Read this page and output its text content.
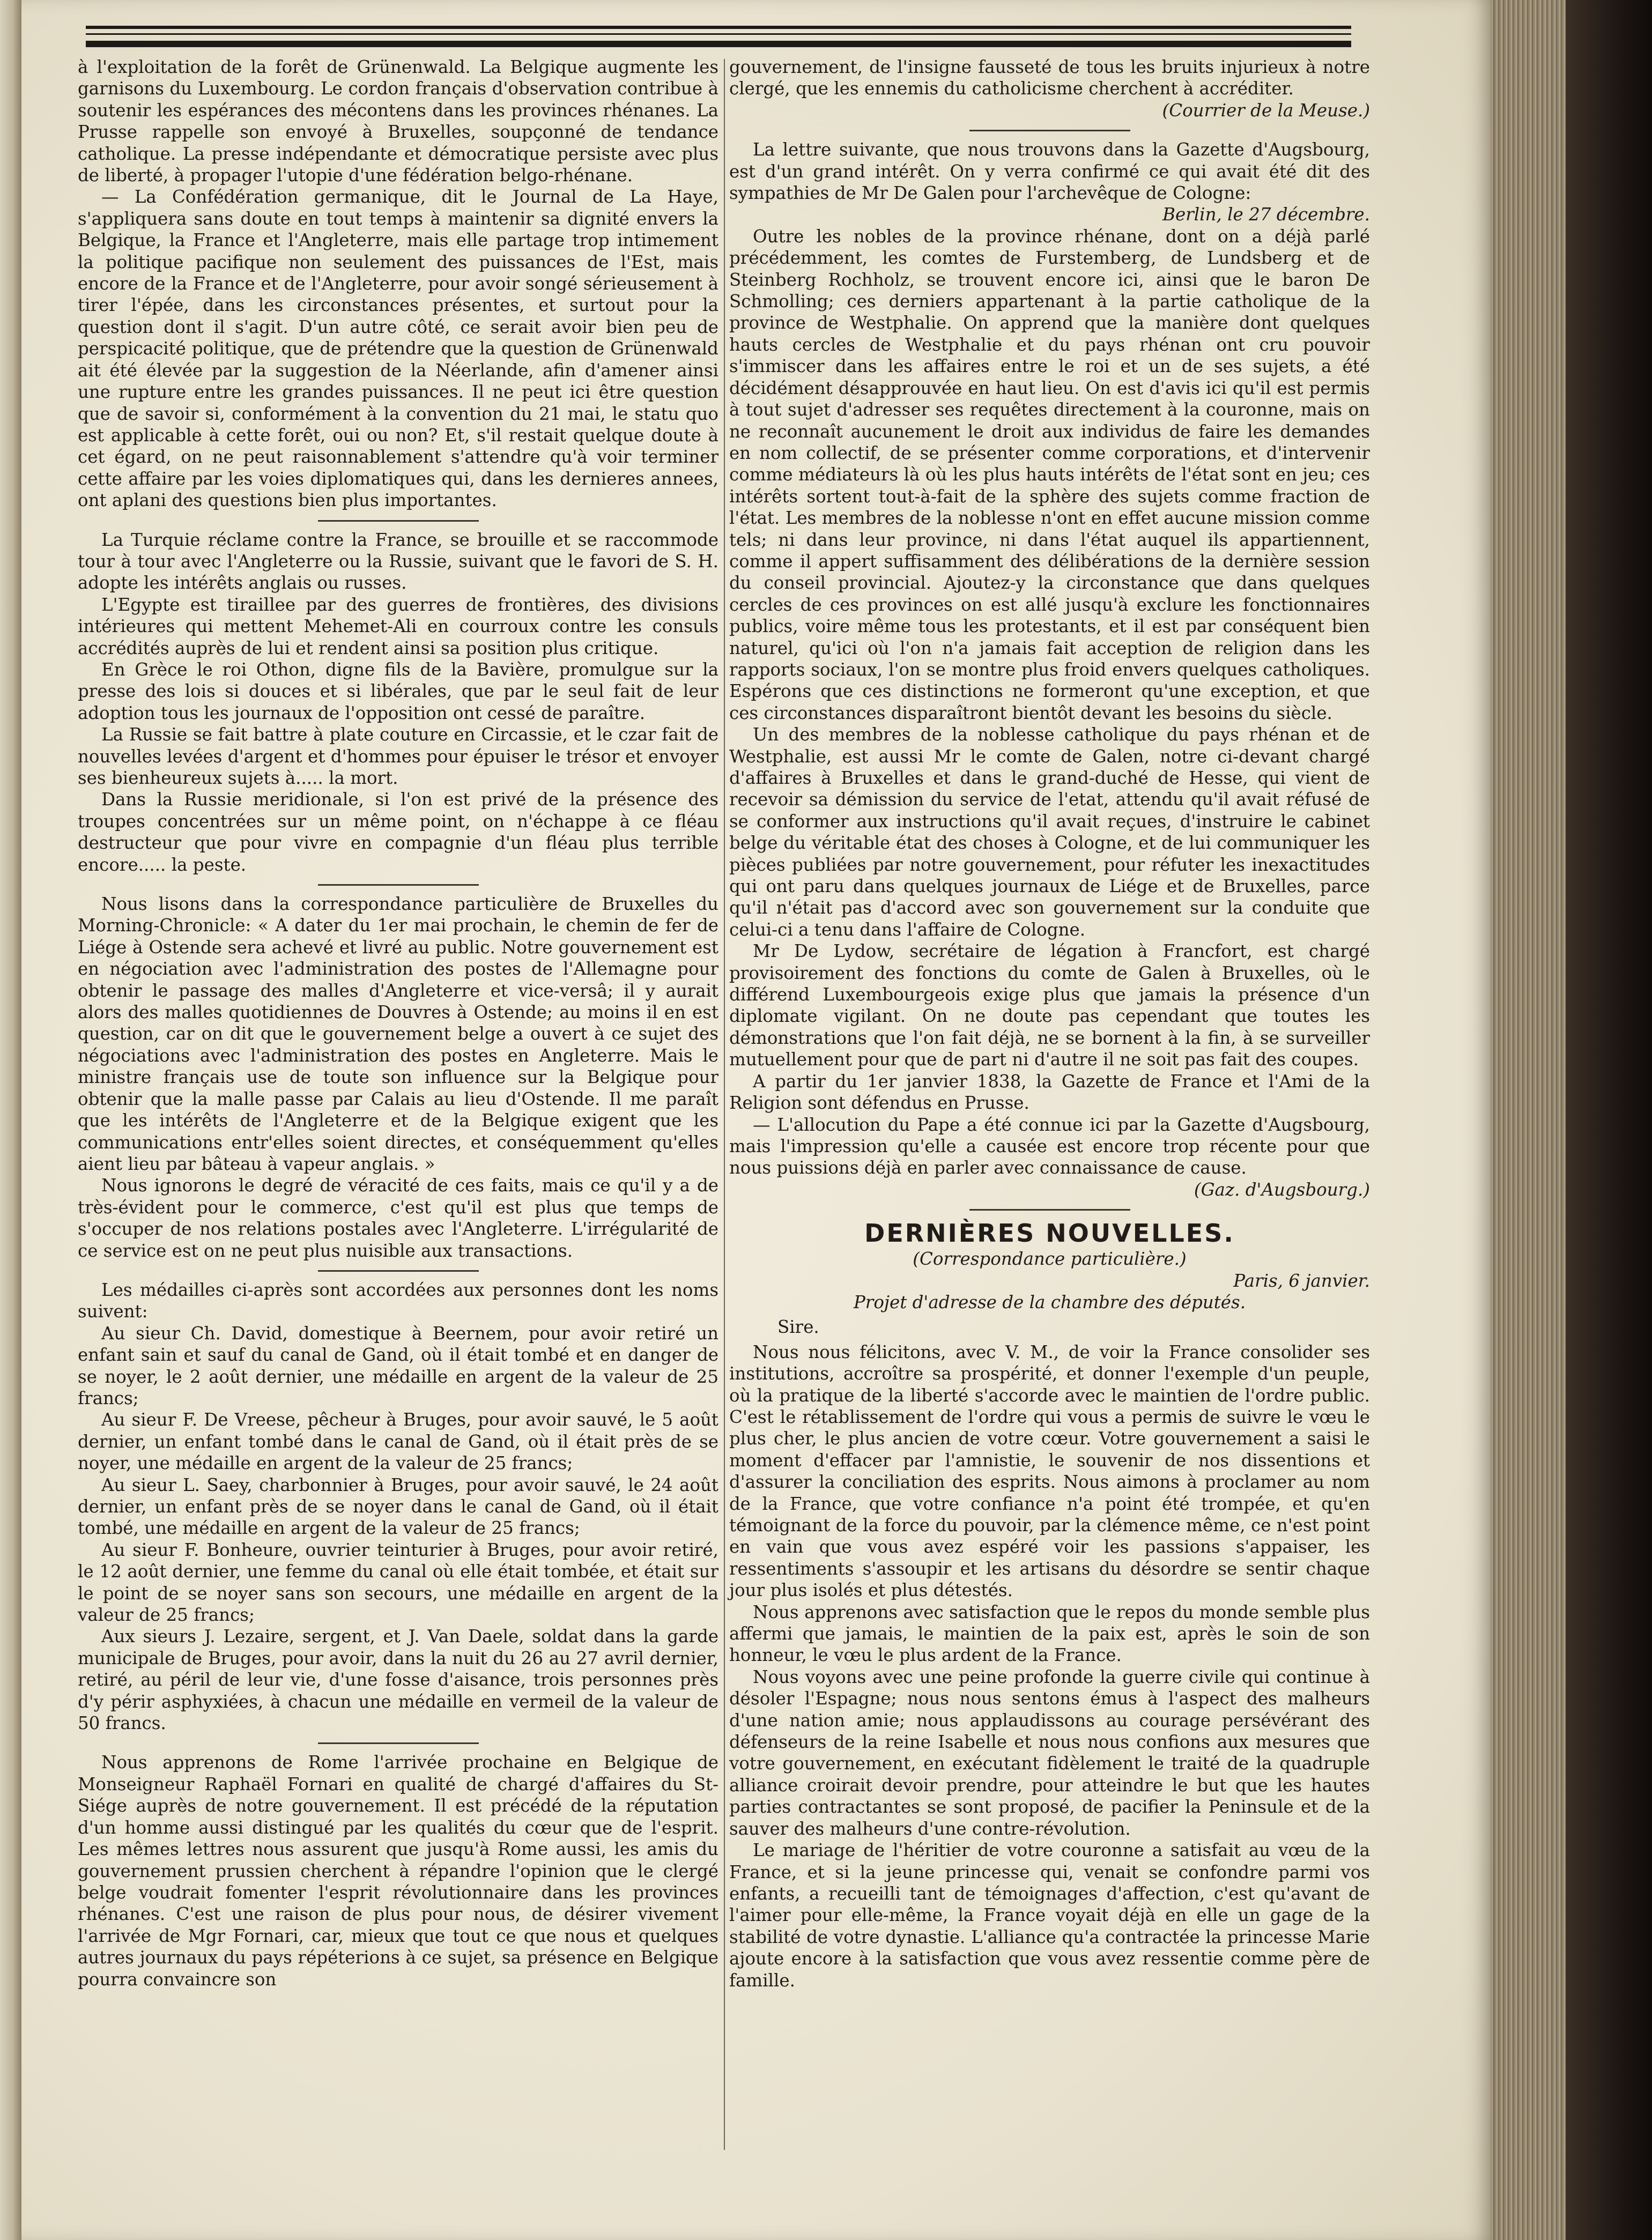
à l'exploitation de la forêt de Grünenwald. La Belgique augmente les garnisons du Luxembourg. Le cordon français d'observation contribue à soutenir les espérances des mécontens dans les provinces rhénanes. La Prusse rappelle son envoyé à Bruxelles, soupçonné de tendance catholique. La presse indépendante et démocratique persiste avec plus de liberté, à propager l'utopie d'une fédération belgo-rhénane.

— La Confédération germanique, dit le Journal de La Haye, s'appliquera sans doute en tout temps à maintenir sa dignité envers la Belgique, la France et l'Angleterre, mais elle partage trop intimement la politique pacifique non seulement des puissances de l'Est, mais encore de la France et de l'Angleterre, pour avoir songé sérieusement à tirer l'épée, dans les circonstances présentes, et surtout pour la question dont il s'agit. D'un autre côté, ce serait avoir bien peu de perspicacité politique, que de prétendre que la question de Grünenwald ait été élevée par la suggestion de la Néerlande, afin d'amener ainsi une rupture entre les grandes puissances. Il ne peut ici être question que de savoir si, conformément à la convention du 21 mai, le statu quo est applicable à cette forêt, oui ou non? Et, s'il restait quelque doute à cet égard, on ne peut raisonnablement s'attendre qu'à voir terminer cette affaire par les voies diplomatiques qui, dans les dernieres annees, ont aplani des questions bien plus importantes.

La Turquie réclame contre la France, se brouille et se raccommode tour à tour avec l'Angleterre ou la Russie, suivant que le favori de S. H. adopte les intérêts anglais ou russes.

L'Egypte est tiraillee par des guerres de frontières, des divisions intérieures qui mettent Mehemet-Ali en courroux contre les consuls accrédités auprès de lui et rendent ainsi sa position plus critique.

En Grèce le roi Othon, digne fils de la Bavière, promulgue sur la presse des lois si douces et si libérales, que par le seul fait de leur adoption tous les journaux de l'opposition ont cessé de paraître.

La Russie se fait battre à plate couture en Circassie, et le czar fait de nouvelles levées d'argent et d'hommes pour épuiser le trésor et envoyer ses bienheureux sujets à..... la mort.

Dans la Russie meridionale, si l'on est privé de la présence des troupes concentrées sur un même point, on n'échappe à ce fléau destructeur que pour vivre en compagnie d'un fléau plus terrible encore..... la peste.

Nous lisons dans la correspondance particulière de Bruxelles du Morning-Chronicle: « A dater du 1er mai prochain, le chemin de fer de Liége à Ostende sera achevé et livré au public. Notre gouvernement est en négociation avec l'administration des postes de l'Allemagne pour obtenir le passage des malles d'Angleterre et vice-versâ; il y aurait alors des malles quotidiennes de Douvres à Ostende; au moins il en est question, car on dit que le gouvernement belge a ouvert à ce sujet des négociations avec l'administration des postes en Angleterre. Mais le ministre français use de toute son influence sur la Belgique pour obtenir que la malle passe par Calais au lieu d'Ostende. Il me paraît que les intérêts de l'Angleterre et de la Belgique exigent que les communications entr'elles soient directes, et conséquemment qu'elles aient lieu par bâteau à vapeur anglais. »

Nous ignorons le degré de véracité de ces faits, mais ce qu'il y a de très-évident pour le commerce, c'est qu'il est plus que temps de s'occuper de nos relations postales avec l'Angleterre. L'irrégularité de ce service est on ne peut plus nuisible aux transactions.

Les médailles ci-après sont accordées aux personnes dont les noms suivent:

Au sieur Ch. David, domestique à Beernem, pour avoir retiré un enfant sain et sauf du canal de Gand, où il était tombé et en danger de se noyer, le 2 août dernier, une médaille en argent de la valeur de 25 francs;

Au sieur F. De Vreese, pêcheur à Bruges, pour avoir sauvé, le 5 août dernier, un enfant tombé dans le canal de Gand, où il était près de se noyer, une médaille en argent de la valeur de 25 francs;

Au sieur L. Saey, charbonnier à Bruges, pour avoir sauvé, le 24 août dernier, un enfant près de se noyer dans le canal de Gand, où il était tombé, une médaille en argent de la valeur de 25 francs;

Au sieur F. Bonheure, ouvrier teinturier à Bruges, pour avoir retiré, le 12 août dernier, une femme du canal où elle était tombée, et était sur le point de se noyer sans son secours, une médaille en argent de la valeur de 25 francs;

Aux sieurs J. Lezaire, sergent, et J. Van Daele, soldat dans la garde municipale de Bruges, pour avoir, dans la nuit du 26 au 27 avril dernier, retiré, au péril de leur vie, d'une fosse d'aisance, trois personnes près d'y périr asphyxiées, à chacun une médaille en vermeil de la valeur de 50 francs.

Nous apprenons de Rome l'arrivée prochaine en Belgique de Monseigneur Raphaël Fornari en qualité de chargé d'affaires du St-Siége auprès de notre gouvernement. Il est précédé de la réputation d'un homme aussi distingué par les qualités du cœur que de l'esprit. Les mêmes lettres nous assurent que jusqu'à Rome aussi, les amis du gouvernement prussien cherchent à répandre l'opinion que le clergé belge voudrait fomenter l'esprit révolutionnaire dans les provinces rhénanes. C'est une raison de plus pour nous, de désirer vivement l'arrivée de Mgr Fornari, car, mieux que tout ce que nous et quelques autres journaux du pays répéterions à ce sujet, sa présence en Belgique pourra convaincre son

gouvernement, de l'insigne fausseté de tous les bruits injurieux à notre clergé, que les ennemis du catholicisme cherchent à accréditer.

(Courrier de la Meuse.)

La lettre suivante, que nous trouvons dans la Gazette d'Augsbourg, est d'un grand intérêt. On y verra confirmé ce qui avait été dit des sympathies de Mr De Galen pour l'archevêque de Cologne:

Berlin, le 27 décembre.

Outre les nobles de la province rhénane, dont on a déjà parlé précédemment, les comtes de Furstemberg, de Lundsberg et de Steinberg Rochholz, se trouvent encore ici, ainsi que le baron De Schmolling; ces derniers appartenant à la partie catholique de la province de Westphalie. On apprend que la manière dont quelques hauts cercles de Westphalie et du pays rhénan ont cru pouvoir s'immiscer dans les affaires entre le roi et un de ses sujets, a été décidément désapprouvée en haut lieu. On est d'avis ici qu'il est permis à tout sujet d'adresser ses requêtes directement à la couronne, mais on ne reconnaît aucunement le droit aux individus de faire les demandes en nom collectif, de se présenter comme corporations, et d'intervenir comme médiateurs là où les plus hauts intérêts de l'état sont en jeu; ces intérêts sortent tout-à-fait de la sphère des sujets comme fraction de l'état. Les membres de la noblesse n'ont en effet aucune mission comme tels; ni dans leur province, ni dans l'état auquel ils appartiennent, comme il appert suffisamment des délibérations de la dernière session du conseil provincial. Ajoutez-y la circonstance que dans quelques cercles de ces provinces on est allé jusqu'à exclure les fonctionnaires publics, voire même tous les protestants, et il est par conséquent bien naturel, qu'ici où l'on n'a jamais fait acception de religion dans les rapports sociaux, l'on se montre plus froid envers quelques catholiques. Espérons que ces distinctions ne formeront qu'une exception, et que ces circonstances disparaîtront bientôt devant les besoins du siècle.

Un des membres de la noblesse catholique du pays rhénan et de Westphalie, est aussi Mr le comte de Galen, notre ci-devant chargé d'affaires à Bruxelles et dans le grand-duché de Hesse, qui vient de recevoir sa démission du service de l'etat, attendu qu'il avait réfusé de se conformer aux instructions qu'il avait reçues, d'instruire le cabinet belge du véritable état des choses à Cologne, et de lui communiquer les pièces publiées par notre gouvernement, pour réfuter les inexactitudes qui ont paru dans quelques journaux de Liége et de Bruxelles, parce qu'il n'était pas d'accord avec son gouvernement sur la conduite que celui-ci a tenu dans l'affaire de Cologne.

Mr De Lydow, secrétaire de légation à Francfort, est chargé provisoirement des fonctions du comte de Galen à Bruxelles, où le différend Luxembourgeois exige plus que jamais la présence d'un diplomate vigilant. On ne doute pas cependant que toutes les démonstrations que l'on fait déjà, ne se bornent à la fin, à se surveiller mutuellement pour que de part ni d'autre il ne soit pas fait des coupes.

A partir du 1er janvier 1838, la Gazette de France et l'Ami de la Religion sont défendus en Prusse.

— L'allocution du Pape a été connue ici par la Gazette d'Augsbourg, mais l'impression qu'elle a causée est encore trop récente pour que nous puissions déjà en parler avec connaissance de cause.

(Gaz. d'Augsbourg.)

DERNIÈRES NOUVELLES.

(Correspondance particulière.)

Paris, 6 janvier.

Projet d'adresse de la chambre des députés.

Sire.

Nous nous félicitons, avec V. M., de voir la France consolider ses institutions, accroître sa prospérité, et donner l'exemple d'un peuple, où la pratique de la liberté s'accorde avec le maintien de l'ordre public. C'est le rétablissement de l'ordre qui vous a permis de suivre le vœu le plus cher, le plus ancien de votre cœur. Votre gouvernement a saisi le moment d'effacer par l'amnistie, le souvenir de nos dissentions et d'assurer la conciliation des esprits. Nous aimons à proclamer au nom de la France, que votre confiance n'a point été trompée, et qu'en témoignant de la force du pouvoir, par la clémence même, ce n'est point en vain que vous avez espéré voir les passions s'appaiser, les ressentiments s'assoupir et les artisans du désordre se sentir chaque jour plus isolés et plus détestés.

Nous apprenons avec satisfaction que le repos du monde semble plus affermi que jamais, le maintien de la paix est, après le soin de son honneur, le vœu le plus ardent de la France.

Nous voyons avec une peine profonde la guerre civile qui continue à désoler l'Espagne; nous nous sentons émus à l'aspect des malheurs d'une nation amie; nous applaudissons au courage persévérant des défenseurs de la reine Isabelle et nous nous confions aux mesures que votre gouvernement, en exécutant fidèlement le traité de la quadruple alliance croirait devoir prendre, pour atteindre le but que les hautes parties contractantes se sont proposé, de pacifier la Peninsule et de la sauver des malheurs d'une contre-révolution.

Le mariage de l'héritier de votre couronne a satisfait au vœu de la France, et si la jeune princesse qui, venait se confondre parmi vos enfants, a recueilli tant de témoignages d'affection, c'est qu'avant de l'aimer pour elle-même, la France voyait déjà en elle un gage de la stabilité de votre dynastie. L'alliance qu'a contractée la princesse Marie ajoute encore à la satisfaction que vous avez ressentie comme père de famille.
